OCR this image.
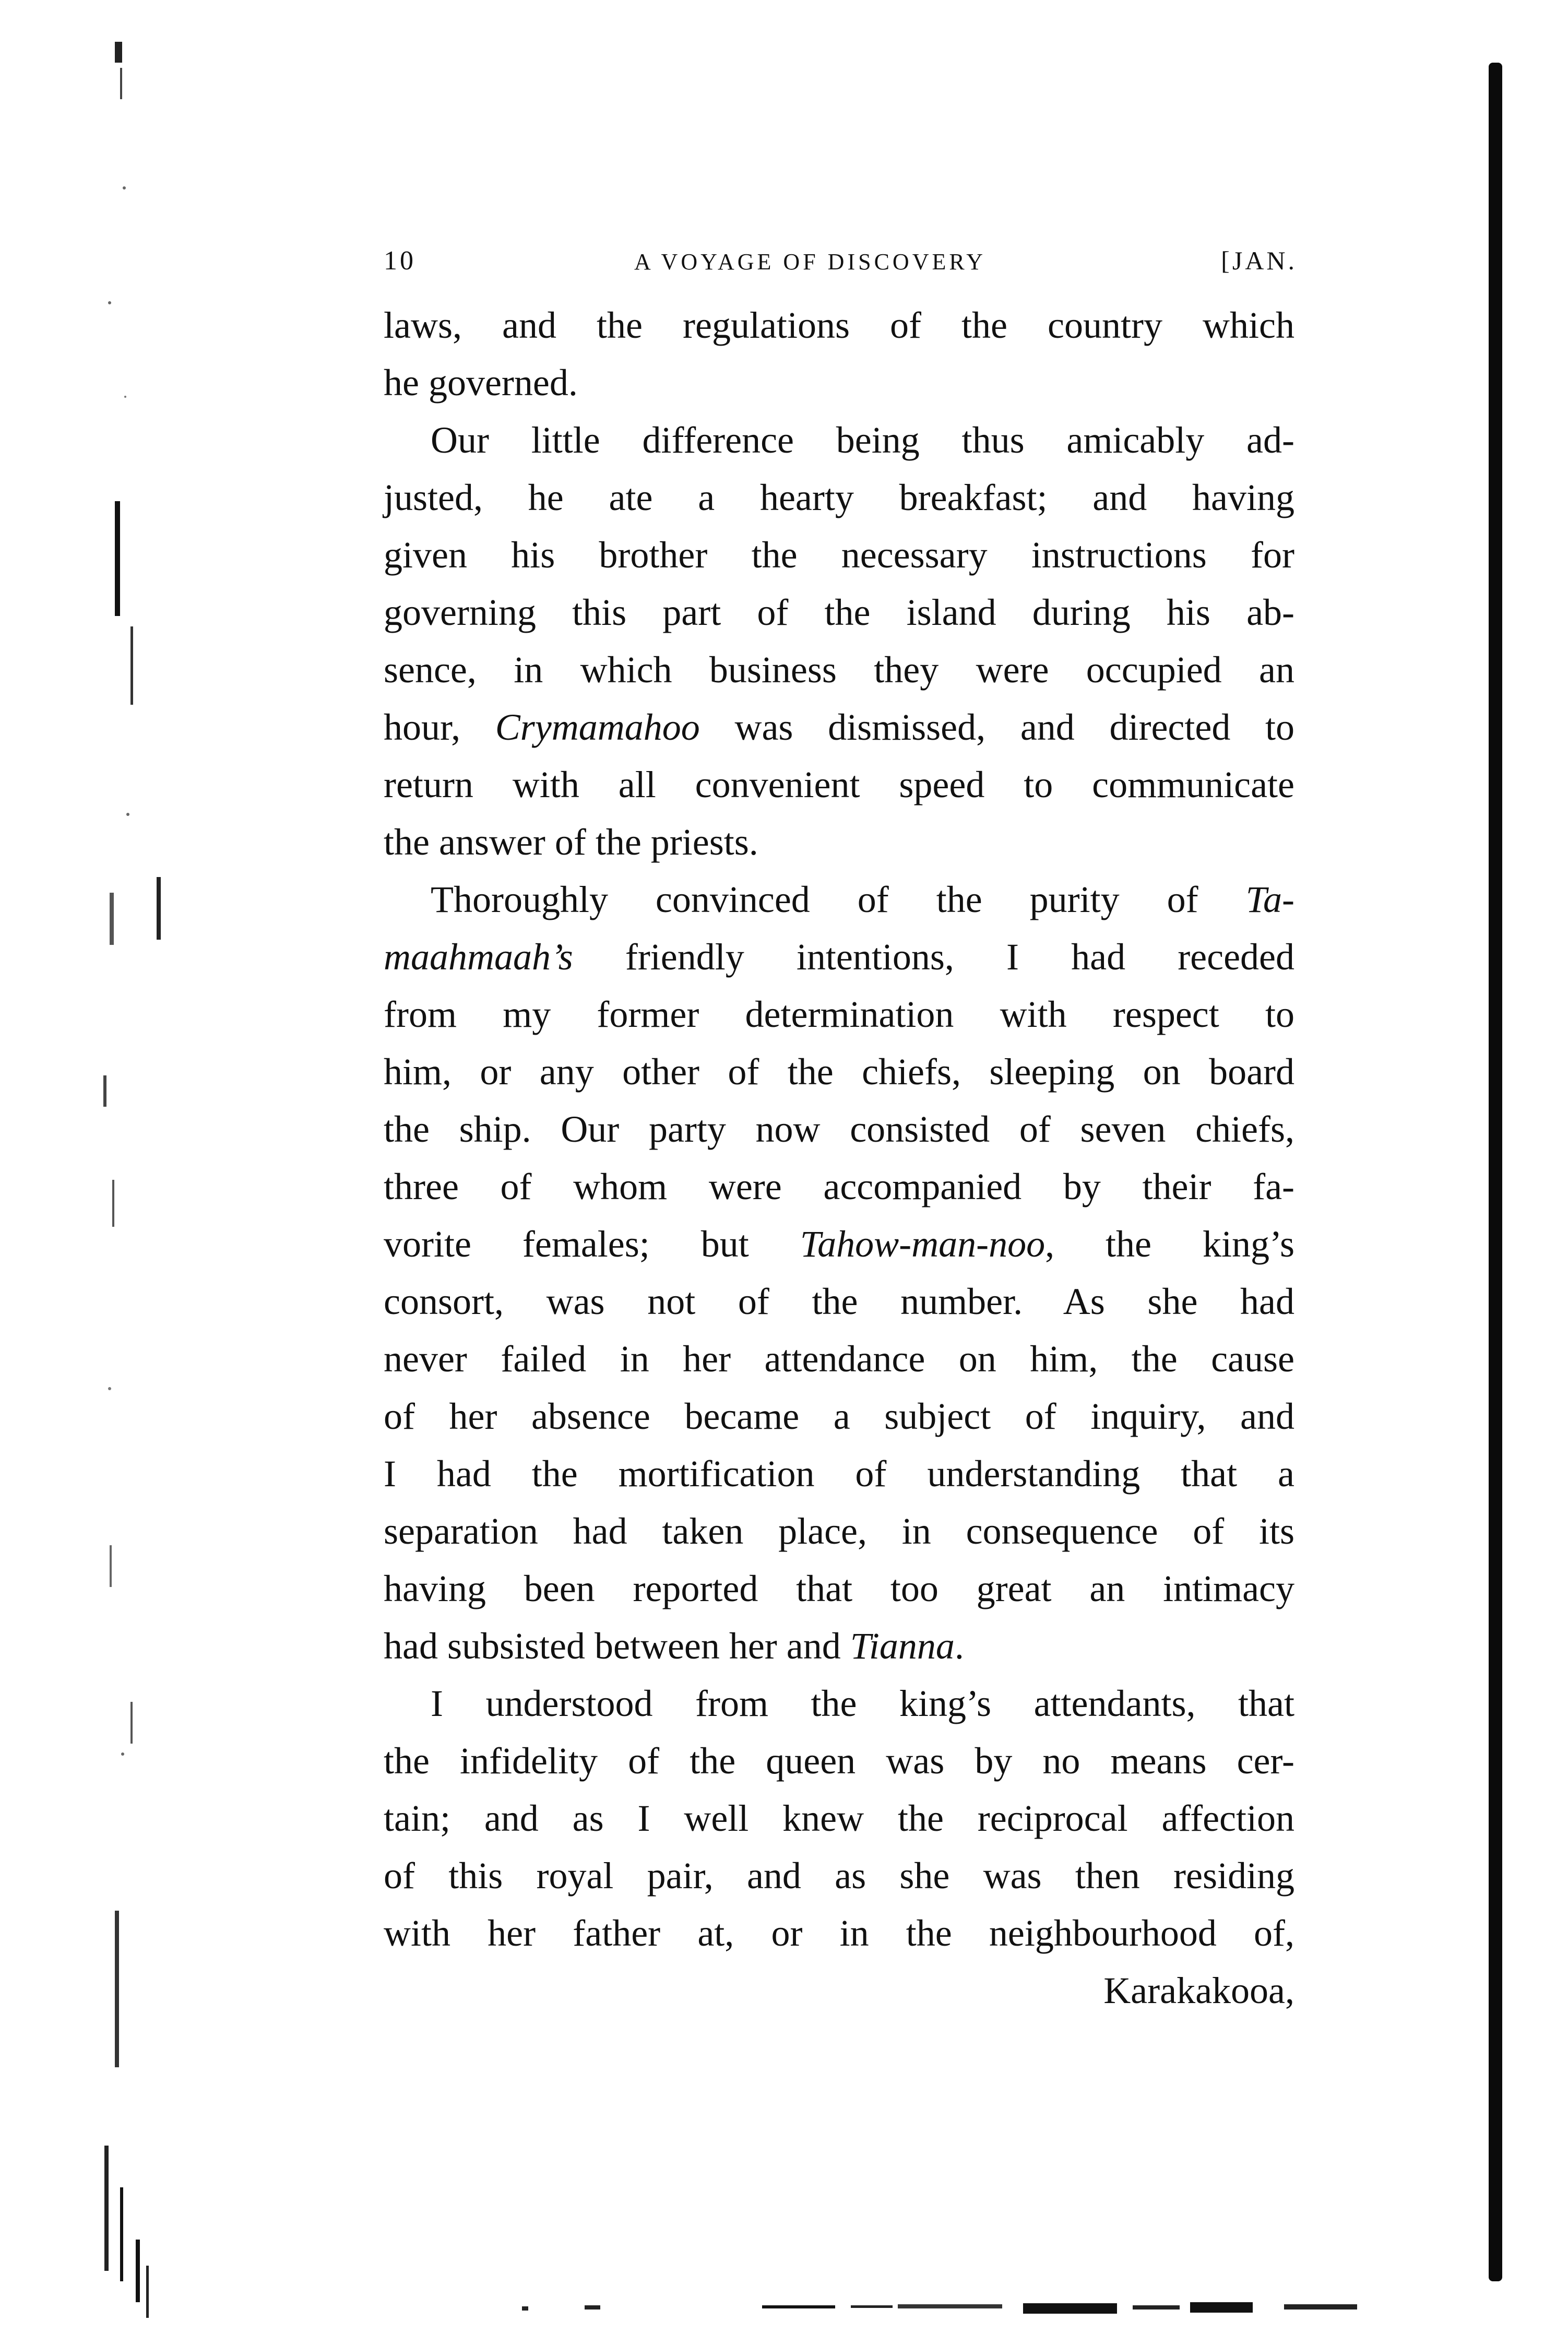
10	A VOYAGE OF DISCOVERY	[JAN.
laws, and the regulations of the country which
he governed.
Our little difference being thus amicably ad-
justed, he ate a hearty breakfast; and having
given his brother the necessary instructions for
governing this part of the island during his ab-
sence, in which business they were occupied an
hour, Crymamahoo was dismissed, and directed to
return with all convenient speed to communicate
the answer of the priests.
Thoroughly convinced of the purity of Ta-
maahmaah’s friendly intentions, I had receded
from my former determination with respect to
him, or any other of the chiefs, sleeping on board
the ship. Our party now consisted of seven chiefs,
three of whom were accompanied by their fa-
vorite females; but Tahow-man-noo, the king’s
consort, was not of the number. As she had
never failed in her attendance on him, the cause
of her absence became a subject of inquiry, and
I had the mortification of understanding that a
separation had taken place, in consequence of its
having been reported that too great an intimacy
had subsisted between her and Tianna.
I understood from the king’s attendants, that
the infidelity of the queen was by no means cer-
tain; and as I well knew the reciprocal affection
of this royal pair, and as she was then residing
with her father at, or in the neighbourhood of,
Karakakooa,
